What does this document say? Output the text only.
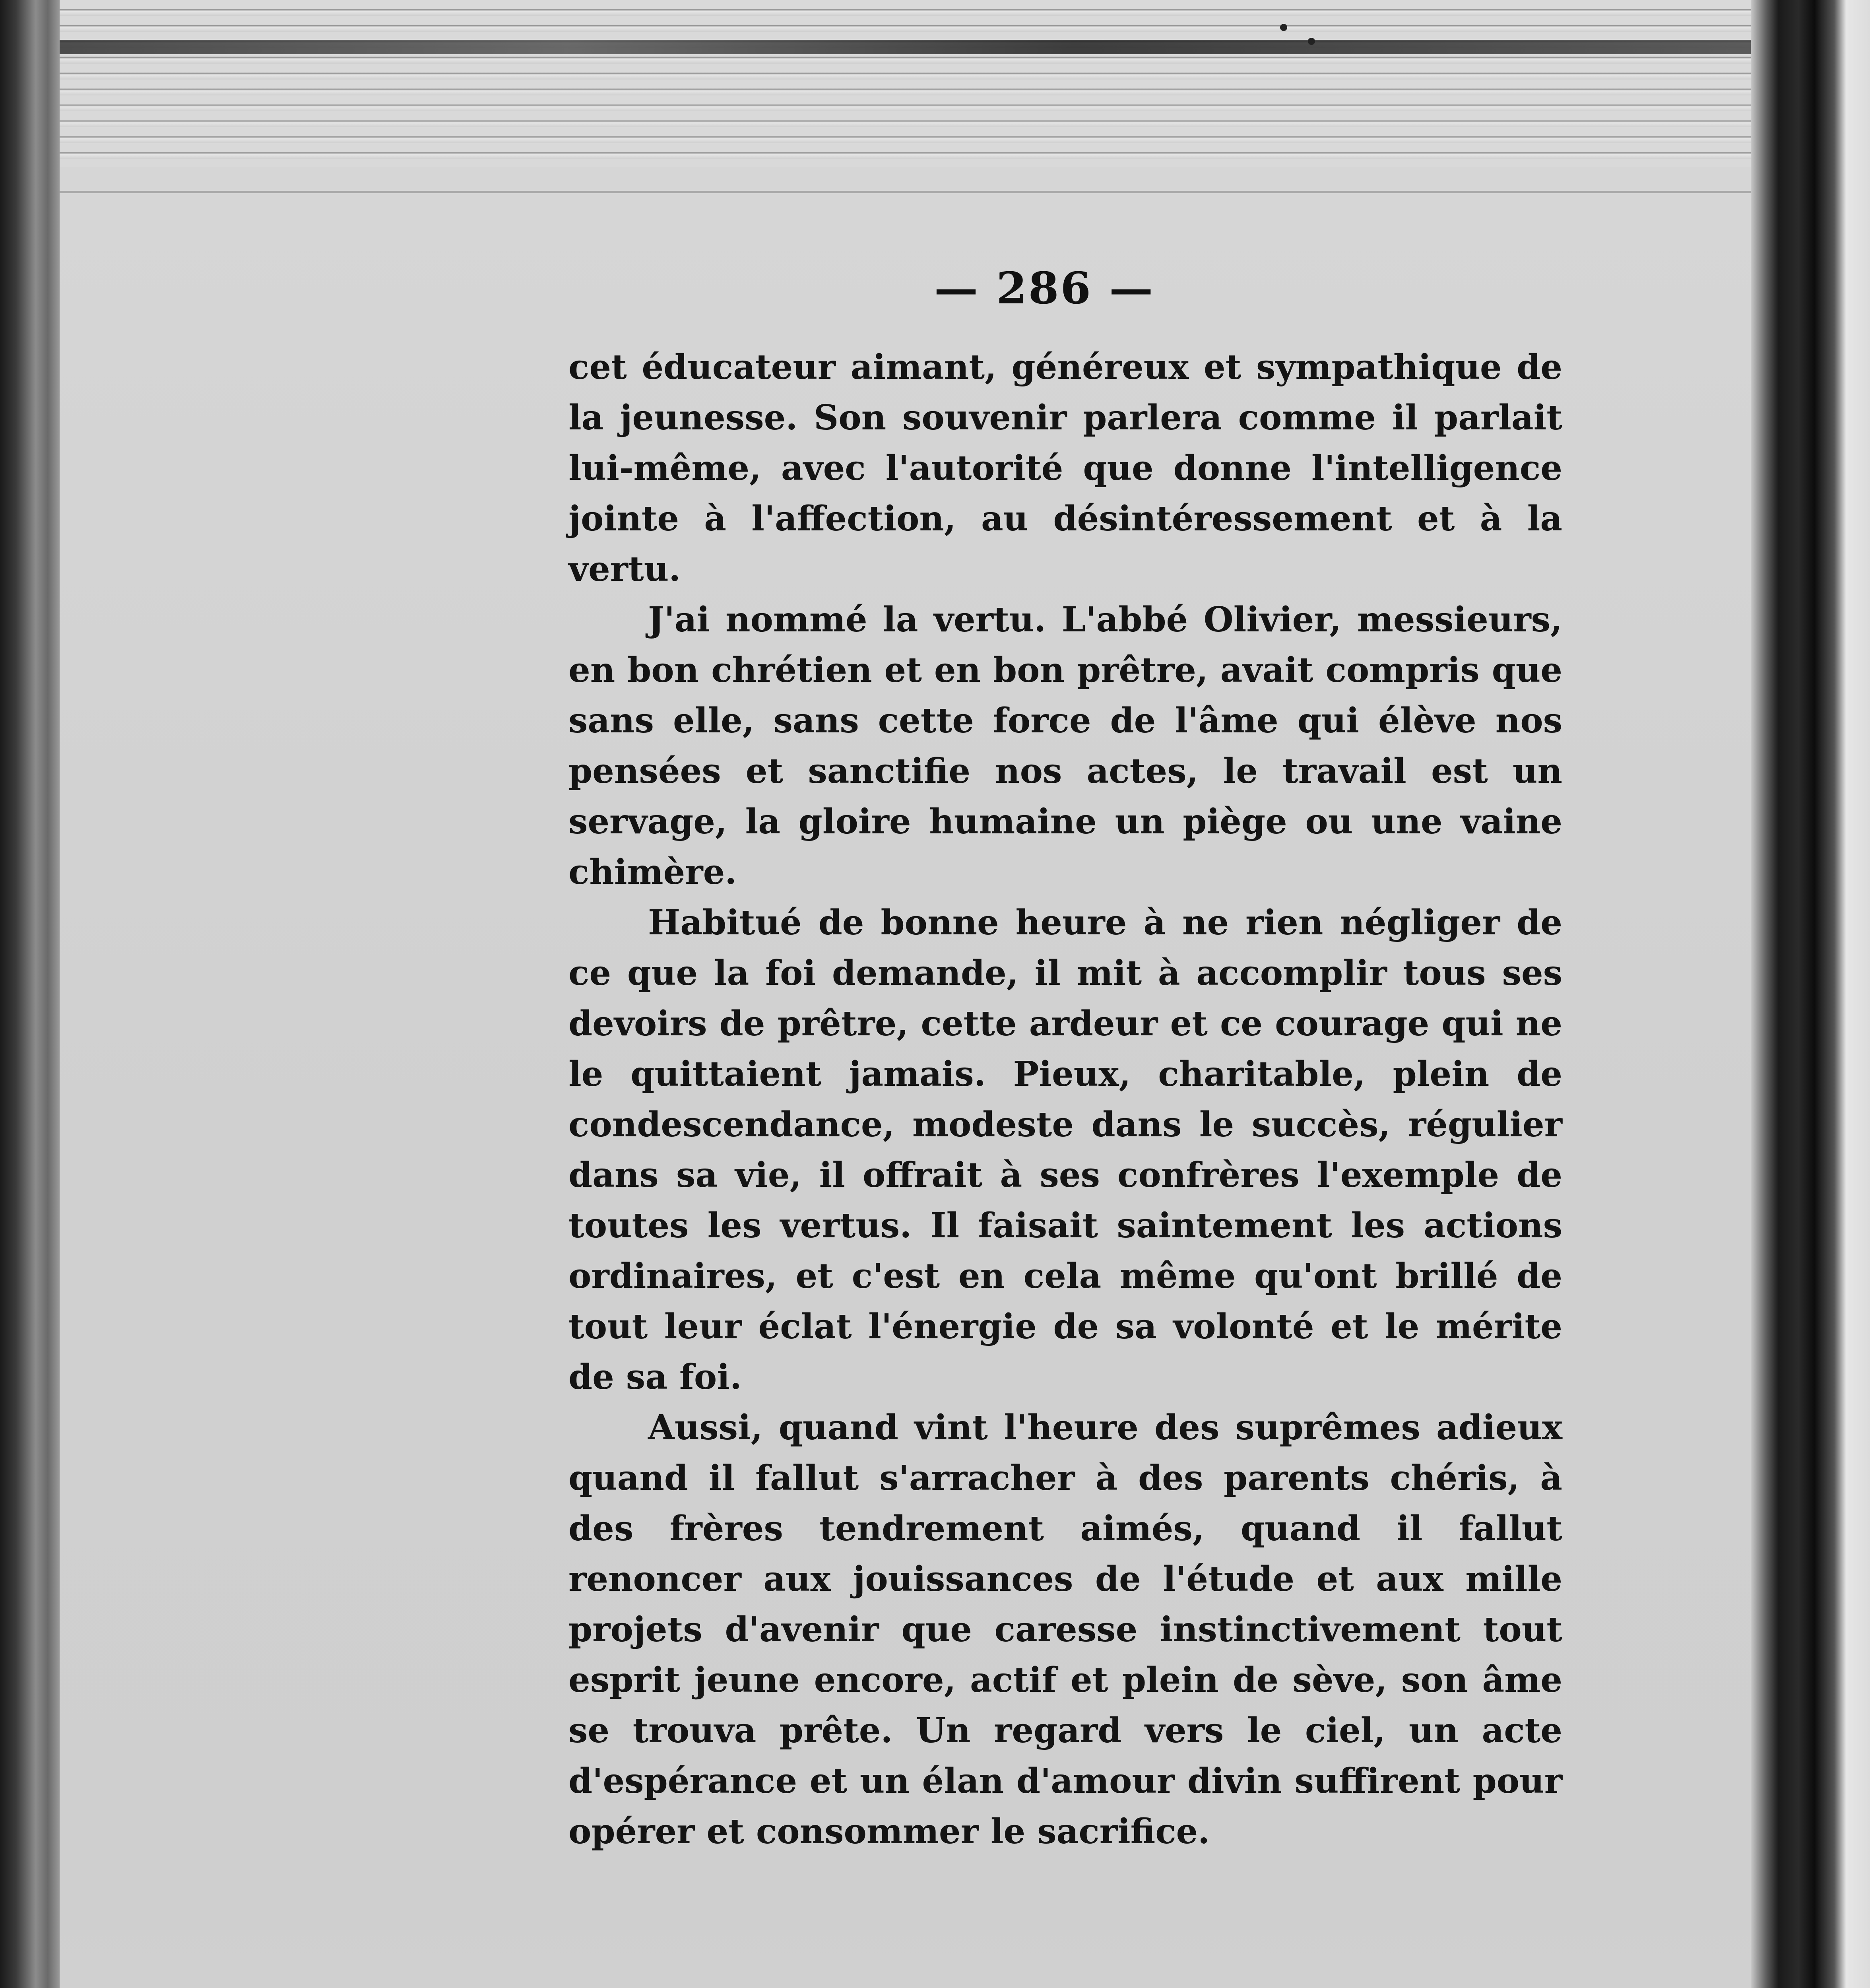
— 286 —

cet éducateur aimant, généreux et sympathique de la jeunesse. Son souvenir parlera comme il parlait lui-même, avec l'autorité que donne l'intelligence jointe à l'affection, au désintéressement et à la vertu.

J'ai nommé la vertu. L'abbé Olivier, messieurs, en bon chrétien et en bon prêtre, avait compris que sans elle, sans cette force de l'âme qui élève nos pensées et sanctifie nos actes, le travail est un servage, la gloire humaine un piège ou une vaine chimère.

Habitué de bonne heure à ne rien négliger de ce que la foi demande, il mit à accomplir tous ses devoirs de prêtre, cette ardeur et ce courage qui ne le quittaient jamais. Pieux, charitable, plein de condescendance, modeste dans le succès, régulier dans sa vie, il offrait à ses confrères l'exemple de toutes les vertus. Il faisait saintement les actions ordinaires, et c'est en cela même qu'ont brillé de tout leur éclat l'énergie de sa volonté et le mérite de sa foi.

Aussi, quand vint l'heure des suprêmes adieux quand il fallut s'arracher à des parents chéris, à des frères tendrement aimés, quand il fallut renoncer aux jouissances de l'étude et aux mille projets d'avenir que caresse instinctivement tout esprit jeune encore, actif et plein de sève, son âme se trouva prête. Un regard vers le ciel, un acte d'espérance et un élan d'amour divin suffirent pour opérer et consommer le sacrifice.
